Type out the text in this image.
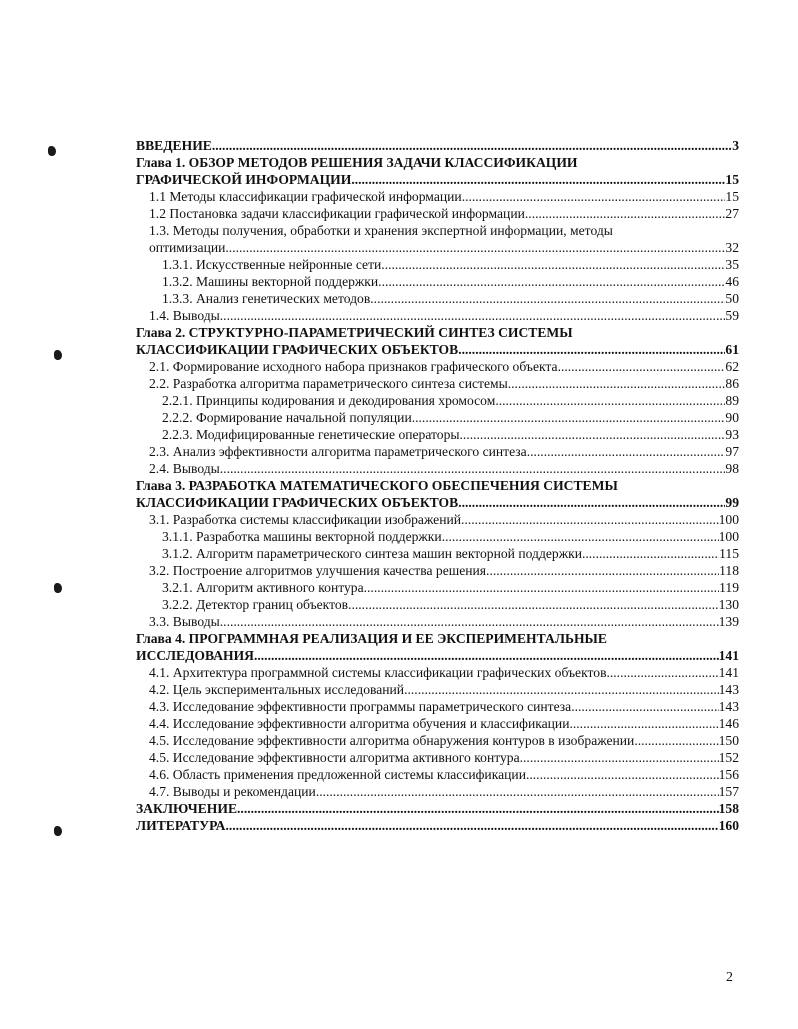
ВВЕДЕНИЕ .....	3
Глава 1. ОБЗОР МЕТОДОВ РЕШЕНИЯ ЗАДАЧИ КЛАССИФИКАЦИИ
ГРАФИЧЕСКОЙ ИНФОРМАЦИИ .....	15
1.1 Методы классификации графической информации .....	15
1.2 Постановка задачи классификации графической информации .....	27
1.3. Методы получения, обработки и хранения экспертной информации, методы
оптимизации. .....	32
1.3.1. Искусственные нейронные сети. .....	35
1.3.2. Машины векторной поддержки. .....	46
1.3.3. Анализ генетических методов. .....	50
1.4. Выводы .....	59
Глава 2. СТРУКТУРНО-ПАРАМЕТРИЧЕСКИЙ СИНТЕЗ СИСТЕМЫ
КЛАССИФИКАЦИИ ГРАФИЧЕСКИХ ОБЪЕКТОВ .....	61
2.1. Формирование исходного набора признаков графического объекта .....	62
2.2. Разработка алгоритма параметрического синтеза системы .....	86
2.2.1. Принципы кодирования и декодирования хромосом .....	89
2.2.2. Формирование начальной популяции .....	90
2.2.3. Модифицированные генетические операторы .....	93
2.3. Анализ эффективности алгоритма параметрического синтеза .....	97
2.4. Выводы .....	98
Глава 3. РАЗРАБОТКА МАТЕМАТИЧЕСКОГО ОБЕСПЕЧЕНИЯ СИСТЕМЫ
КЛАССИФИКАЦИИ ГРАФИЧЕСКИХ ОБЪЕКТОВ .....	99
3.1. Разработка системы классификации изображений .....	100
3.1.1. Разработка машины векторной поддержки .....	100
3.1.2. Алгоритм параметрического синтеза машин векторной поддержки .....	115
3.2. Построение алгоритмов улучшения качества решения. .....	118
3.2.1. Алгоритм активного контура. .....	119
3.2.2. Детектор границ объектов. .....	130
3.3. Выводы .....	139
Глава 4. ПРОГРАММНАЯ РЕАЛИЗАЦИЯ И ЕЕ ЭКСПЕРИМЕНТАЛЬНЫЕ
ИССЛЕДОВАНИЯ .....	141
4.1. Архитектура программной системы классификации графических объектов .....	141
4.2. Цель экспериментальных исследований .....	143
4.3. Исследование эффективности программы параметрического синтеза .....	143
4.4. Исследование эффективности алгоритма обучения и классификации .....	146
4.5. Исследование эффективности алгоритма обнаружения контуров в изображении .....	150
4.5. Исследование эффективности алгоритма активного контура .....	152
4.6. Область применения предложенной системы классификации .....	156
4.7. Выводы и рекомендации .....	157
ЗАКЛЮЧЕНИЕ .....	158
ЛИТЕРАТУРА .....	160
2
